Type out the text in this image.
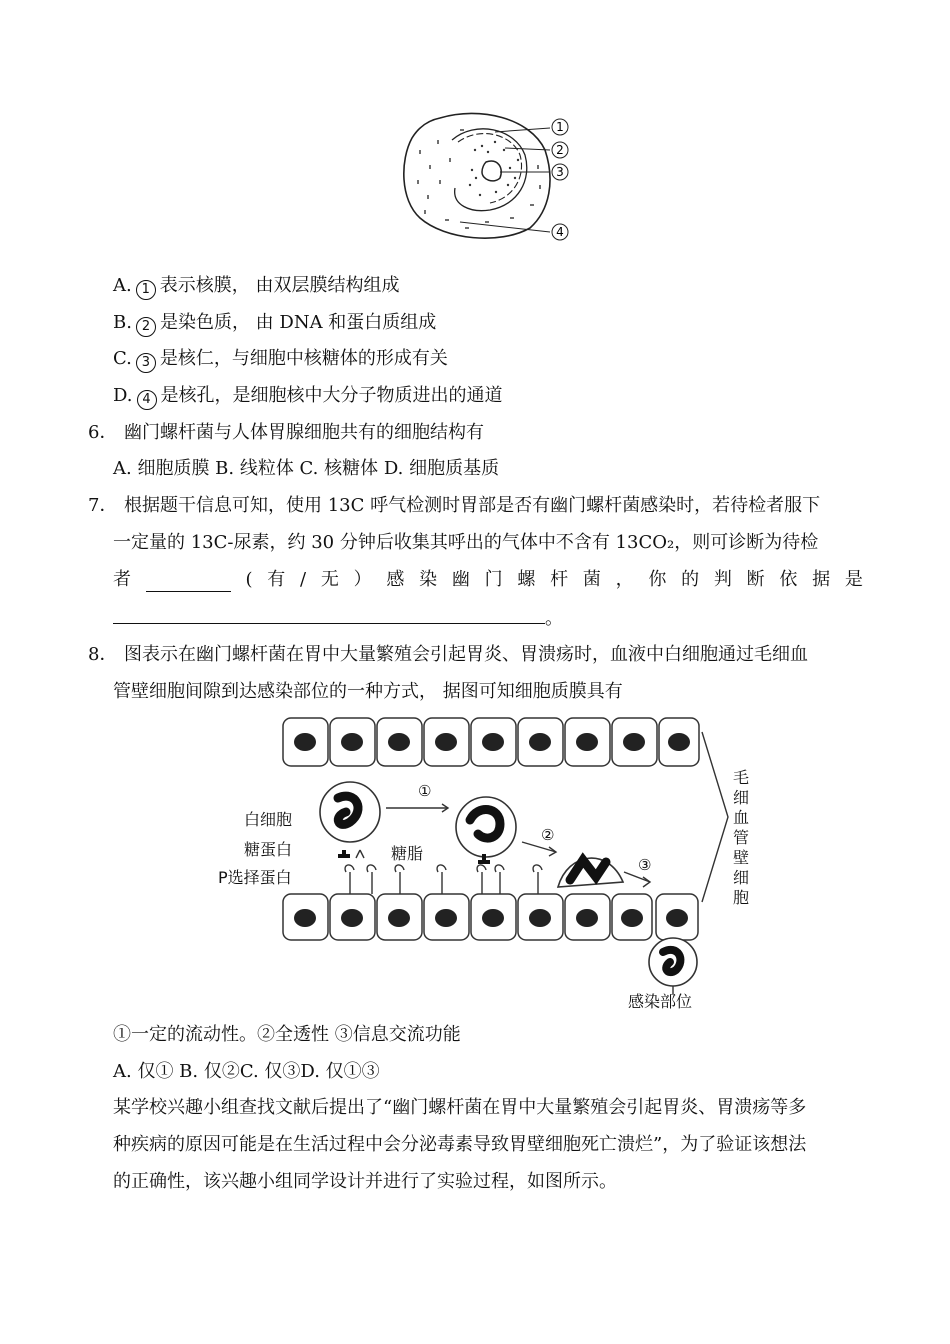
1
2
3
4
A. 1 表示核膜， 由双层膜结构组成
B. 2 是染色质， 由 DNA 和蛋白质组成
C. 3 是核仁，与细胞中核糖体的形成有关
D. 4 是核孔，是细胞核中大分子物质进出的通道
6． 幽门螺杆菌与人体胃腺细胞共有的细胞结构有
A. 细胞质膜 B. 线粒体 C. 核糖体 D. 细胞质基质
7． 根据题干信息可知，使用 13C 呼气检测时胃部是否有幽门螺杆菌感染时，若待检者服下
一定量的 13C-尿素，约 30 分钟后收集其呼出的气体中不含有 13CO₂，则可诊断为待检
者	( 有 / 无 ） 感 染 幽 门 螺 杆 菌 ， 你 的 判 断 依 据 是
。
8． 图表示在幽门螺杆菌在胃中大量繁殖会引起胃炎、胃溃疡时，血液中白细胞通过毛细血
管壁细胞间隙到达感染部位的一种方式， 据图可知细胞质膜具有
①
②
③
白细胞
糖蛋白	糖脂
P选择蛋白
毛细血管壁细胞
感染部位
①一定的流动性。②全透性 ③信息交流功能
A. 仅① B. 仅②C. 仅③D. 仅①③
某学校兴趣小组查找文献后提出了“幽门螺杆菌在胃中大量繁殖会引起胃炎、胃溃疡等多
种疾病的原因可能是在生活过程中会分泌毒素导致胃壁细胞死亡溃烂”，为了验证该想法
的正确性，该兴趣小组同学设计并进行了实验过程，如图所示。
